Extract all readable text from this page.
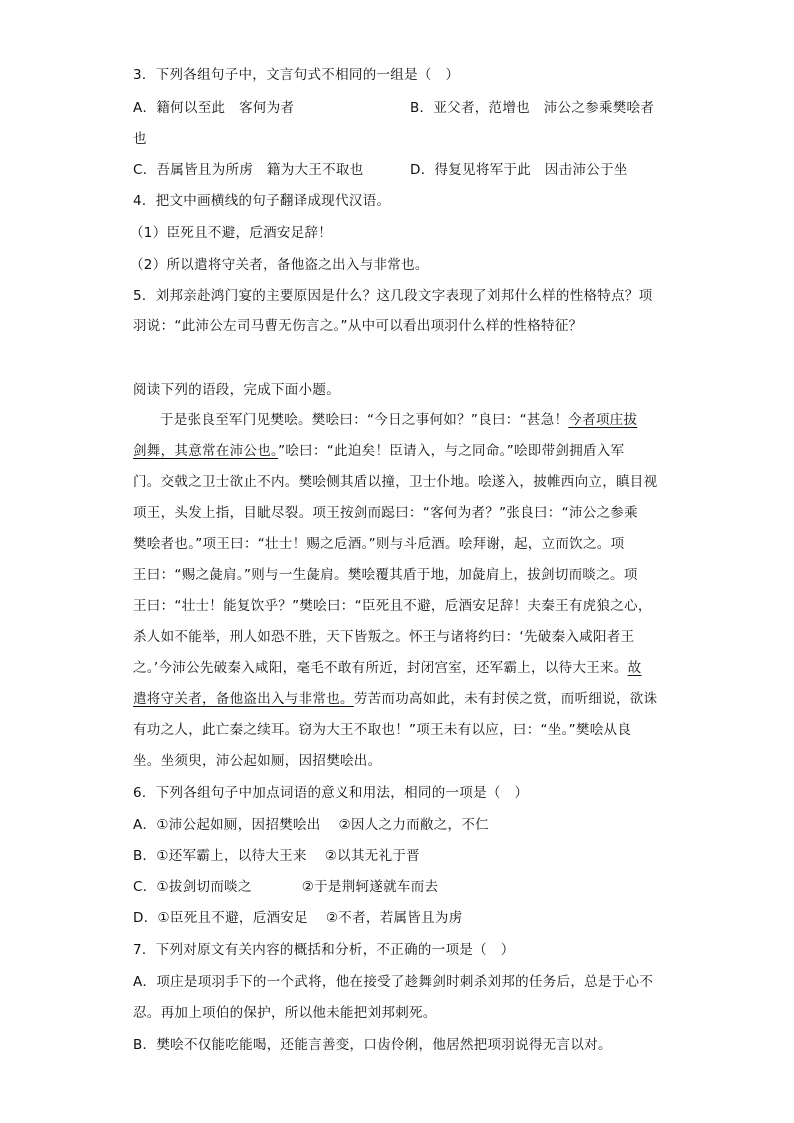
3．下列各组句子中，文言句式不相同的一组是（　）
A．籍何以至此　客何为者	B．亚父者，范增也　沛公之参乘樊哙者
也
C．吾属皆且为所虏　籍为大王不取也	D．得复见将军于此　因击沛公于坐
4．把文中画横线的句子翻译成现代汉语。
（1）臣死且不避，卮酒安足辞！
（2）所以遣将守关者，备他盗之出入与非常也。
5．刘邦亲赴鸿门宴的主要原因是什么？这几段文字表现了刘邦什么样的性格特点？项
羽说：“此沛公左司马曹无伤言之。”从中可以看出项羽什么样的性格特征？
阅读下列的语段，完成下面小题。
于是张良至军门见樊哙。樊哙曰：“今日之事何如？”良曰：“甚急！今者项庄拔
剑舞，其意常在沛公也。”哙曰：“此迫矣！臣请入，与之同命。”哙即带剑拥盾入军
门。交戟之卫士欲止不内。樊哙侧其盾以撞，卫士仆地。哙遂入，披帷西向立，瞋目视
项王，头发上指，目眦尽裂。项王按剑而跽曰：“客何为者？”张良曰：“沛公之参乘
樊哙者也。”项王曰：“壮士！赐之卮酒。”则与斗卮酒。哙拜谢，起，立而饮之。项
王曰：“赐之彘肩。”则与一生彘肩。樊哙覆其盾于地，加彘肩上，拔剑切而啖之。项
王曰：“壮士！能复饮乎？”樊哙曰：“臣死且不避，卮酒安足辞！夫秦王有虎狼之心，
杀人如不能举，刑人如恐不胜，天下皆叛之。怀王与诸将约曰：‘先破秦入咸阳者王
之。’今沛公先破秦入咸阳，毫毛不敢有所近，封闭宫室，还军霸上，以待大王来。故
遣将守关者，备他盗出入与非常也。劳苦而功高如此，未有封侯之赏，而听细说，欲诛
有功之人，此亡秦之续耳。窃为大王不取也！”项王未有以应，曰：“坐。”樊哙从良
坐。坐须臾，沛公起如厕，因招樊哙出。
6．下列各组句子中加点词语的意义和用法，相同的一项是（　）
A．①沛公起如厕，因招樊哙出 ②因人之力而敝之，不仁
B．①还军霸上，以待大王来 ②以其无礼于晋
C．①拔剑切而啖之	②于是荆轲遂就车而去
D．①臣死且不避，卮酒安足 ②不者，若属皆且为虏
7．下列对原文有关内容的概括和分析，不正确的一项是（　）
A．项庄是项羽手下的一个武将，他在接受了趁舞剑时刺杀刘邦的任务后，总是于心不
忍。再加上项伯的保护，所以他未能把刘邦刺死。
B．樊哙不仅能吃能喝，还能言善变，口齿伶俐，他居然把项羽说得无言以对。
